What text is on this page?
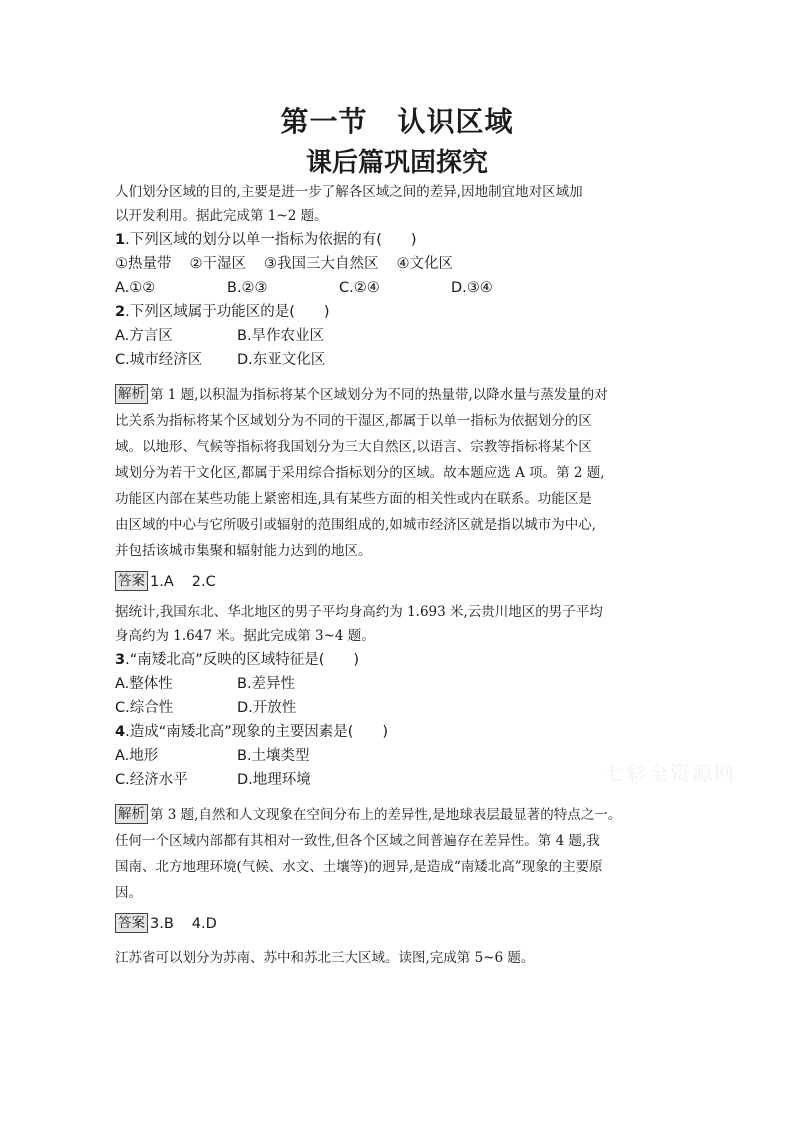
第一节 认识区域
课后篇巩固探究

人们划分区域的目的,主要是进一步了解各区域之间的差异,因地制宜地对区域加
以开发利用。据此完成第 1~2 题。

1.下列区域的划分以单一指标为依据的有(　　)
①热量带 ②干湿区 ③我国三大自然区 ④文化区
A.①②	B.②③	C.②④	D.③④
2.下列区域属于功能区的是(　　)
A.方言区	B.旱作农业区
C.城市经济区	D.东亚文化区

解析 第 1 题,以积温为指标将某个区域划分为不同的热量带,以降水量与蒸发量的对
比关系为指标将某个区域划分为不同的干湿区,都属于以单一指标为依据划分的区
域。以地形、气候等指标将我国划分为三大自然区,以语言、宗教等指标将某个区
域划分为若干文化区,都属于采用综合指标划分的区域。故本题应选 A 项。第 2 题,
功能区内部在某些功能上紧密相连,具有某些方面的相关性或内在联系。功能区是
由区域的中心与它所吸引或辐射的范围组成的,如城市经济区就是指以城市为中心,
并包括该城市集聚和辐射能力达到的地区。

答案 1.A 2.C

据统计,我国东北、华北地区的男子平均身高约为 1.693 米,云贵川地区的男子平均
身高约为 1.647 米。据此完成第 3~4 题。

3.“南矮北高”反映的区域特征是(　　)
A.整体性	B.差异性
C.综合性	D.开放性
4.造成“南矮北高”现象的主要因素是(　　)
A.地形	B.土壤类型
C.经济水平	D.地理环境

解析 第 3 题,自然和人文现象在空间分布上的差异性,是地球表层最显著的特点之一。
任何一个区域内部都有其相对一致性,但各个区域之间普遍存在差异性。第 4 题,我
国南、北方地理环境(气候、水文、土壤等)的迥异,是造成“南矮北高”现象的主要原
因。

答案 3.B 4.D

江苏省可以划分为苏南、苏中和苏北三大区域。读图,完成第 5~6 题。

七彩全资源网
